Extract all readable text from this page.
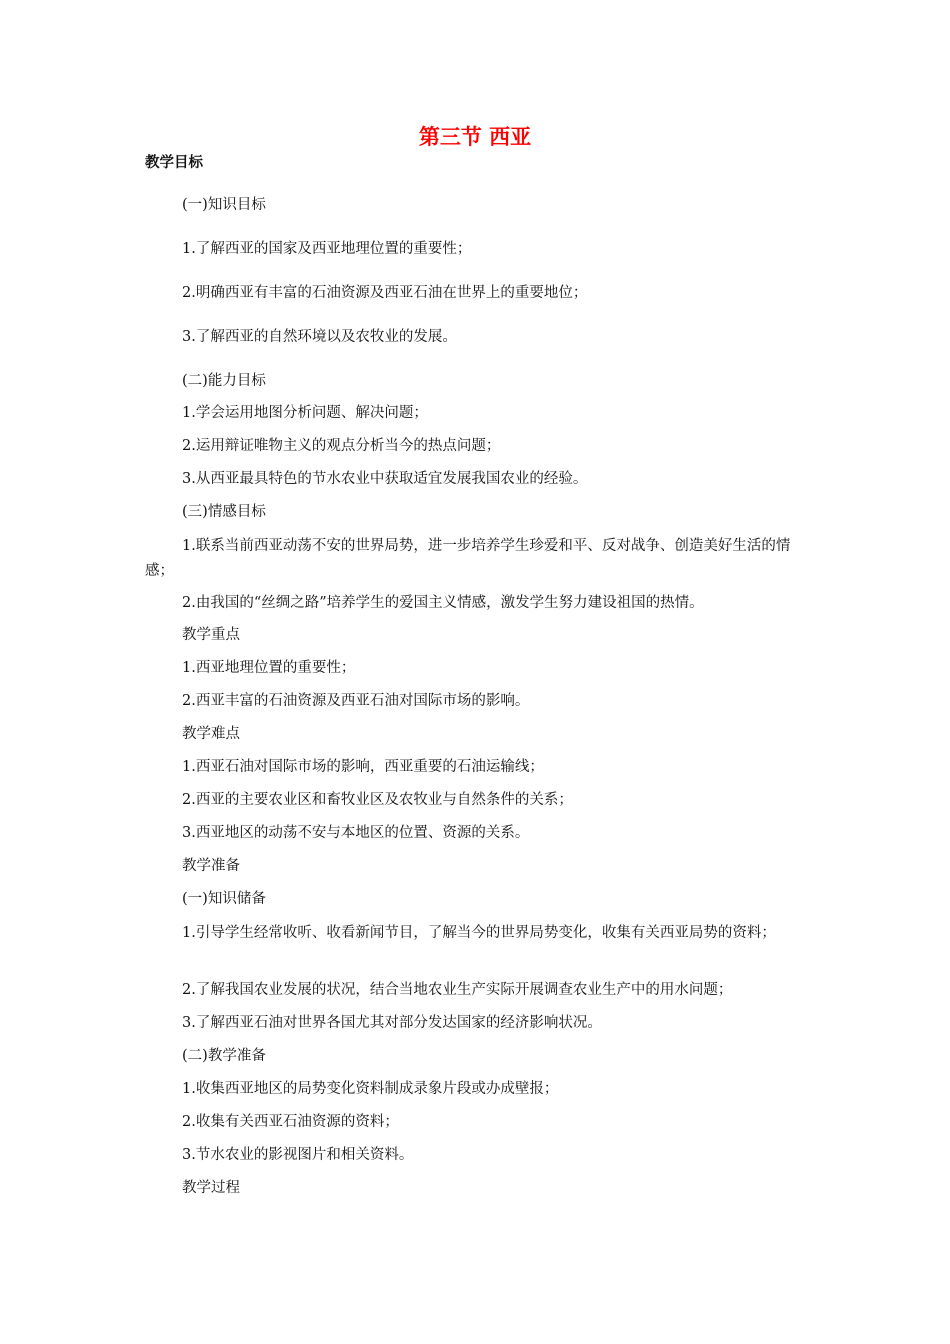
第三节 西亚
教学目标

(一)知识目标

1.了解西亚的国家及西亚地理位置的重要性；

2.明确西亚有丰富的石油资源及西亚石油在世界上的重要地位；

3.了解西亚的自然环境以及农牧业的发展。

(二)能力目标

1.学会运用地图分析问题、解决问题；

2.运用辩证唯物主义的观点分析当今的热点问题；

3.从西亚最具特色的节水农业中获取适宜发展我国农业的经验。

(三)情感目标

1.联系当前西亚动荡不安的世界局势，进一步培养学生珍爱和平、反对战争、创造美好生活的情感；

2.由我国的“丝绸之路”培养学生的爱国主义情感，激发学生努力建设祖国的热情。

教学重点

1.西亚地理位置的重要性；

2.西亚丰富的石油资源及西亚石油对国际市场的影响。

教学难点

1.西亚石油对国际市场的影响，西亚重要的石油运输线；

2.西亚的主要农业区和畜牧业区及农牧业与自然条件的关系；

3.西亚地区的动荡不安与本地区的位置、资源的关系。

教学准备

(一)知识储备

1.引导学生经常收听、收看新闻节目，了解当今的世界局势变化，收集有关西亚局势的资料；

2.了解我国农业发展的状况，结合当地农业生产实际开展调查农业生产中的用水问题；

3.了解西亚石油对世界各国尤其对部分发达国家的经济影响状况。

(二)教学准备

1.收集西亚地区的局势变化资料制成录象片段或办成壁报；

2.收集有关西亚石油资源的资料；

3.节水农业的影视图片和相关资料。

教学过程
